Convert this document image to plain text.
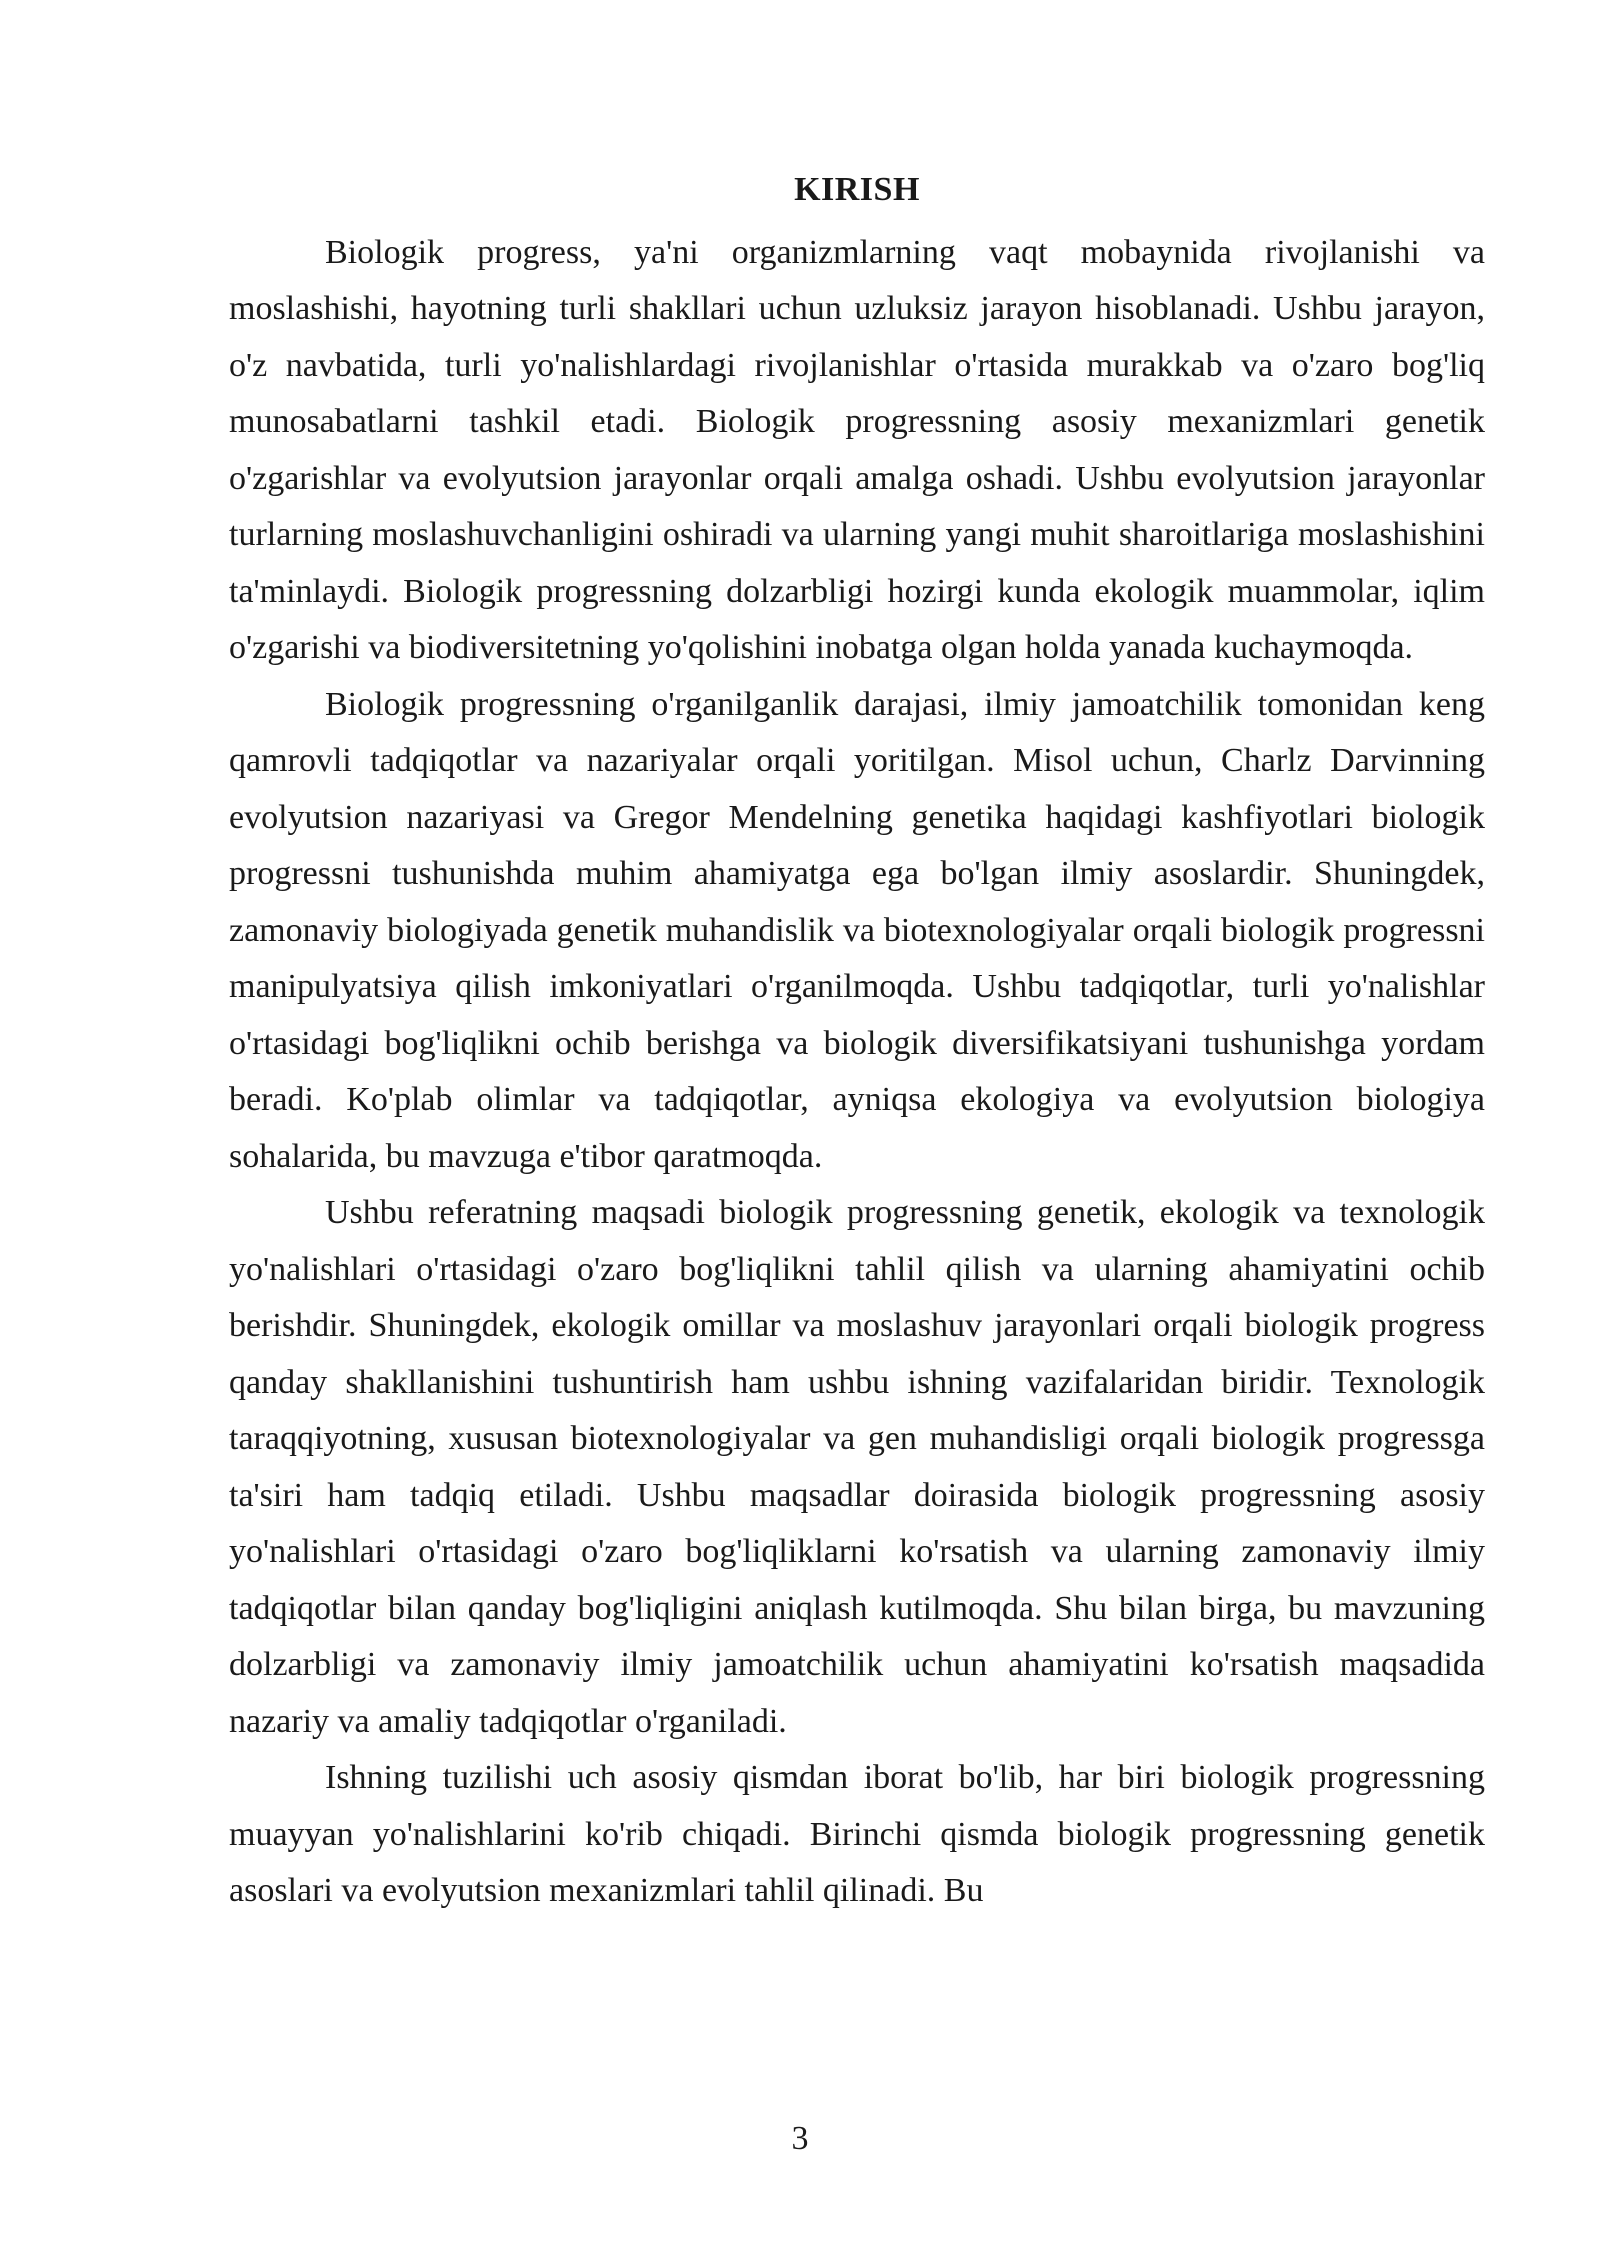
KIRISH

Biologik progress, ya'ni organizmlarning vaqt mobaynida rivojlanishi va moslashishi, hayotning turli shakllari uchun uzluksiz jarayon hisoblanadi. Ushbu jarayon, o'z navbatida, turli yo'nalishlardagi rivojlanishlar o'rtasida murakkab va o'zaro bog'liq munosabatlarni tashkil etadi. Biologik progressning asosiy mexanizmlari genetik o'zgarishlar va evolyutsion jarayonlar orqali amalga oshadi. Ushbu evolyutsion jarayonlar turlarning moslashuvchanligini oshiradi va ularning yangi muhit sharoitlariga moslashishini ta'minlaydi. Biologik progressning dolzarbligi hozirgi kunda ekologik muammolar, iqlim o'zgarishi va biodiversitetning yo'qolishini inobatga olgan holda yanada kuchaymoqda.

Biologik progressning o'rganilganlik darajasi, ilmiy jamoatchilik tomonidan keng qamrovli tadqiqotlar va nazariyalar orqali yoritilgan. Misol uchun, Charlz Darvinning evolyutsion nazariyasi va Gregor Mendelning genetika haqidagi kashfiyotlari biologik progressni tushunishda muhim ahamiyatga ega bo'lgan ilmiy asoslardir. Shuningdek, zamonaviy biologiyada genetik muhandislik va biotexnologiyalar orqali biologik progressni manipulyatsiya qilish imkoniyatlari o'rganilmoqda. Ushbu tadqiqotlar, turli yo'nalishlar o'rtasidagi bog'liqlikni ochib berishga va biologik diversifikatsiyani tushunishga yordam beradi. Ko'plab olimlar va tadqiqotlar, ayniqsa ekologiya va evolyutsion biologiya sohalarida, bu mavzuga e'tibor qaratmoqda.

Ushbu referatning maqsadi biologik progressning genetik, ekologik va texnologik yo'nalishlari o'rtasidagi o'zaro bog'liqlikni tahlil qilish va ularning ahamiyatini ochib berishdir. Shuningdek, ekologik omillar va moslashuv jarayonlari orqali biologik progress qanday shakllanishini tushuntirish ham ushbu ishning vazifalaridan biridir. Texnologik taraqqiyotning, xususan biotexnologiyalar va gen muhandisligi orqali biologik progressga ta'siri ham tadqiq etiladi. Ushbu maqsadlar doirasida biologik progressning asosiy yo'nalishlari o'rtasidagi o'zaro bog'liqliklarni ko'rsatish va ularning zamonaviy ilmiy tadqiqotlar bilan qanday bog'liqligini aniqlash kutilmoqda. Shu bilan birga, bu mavzuning dolzarbligi va zamonaviy ilmiy jamoatchilik uchun ahamiyatini ko'rsatish maqsadida nazariy va amaliy tadqiqotlar o'rganiladi.

Ishning tuzilishi uch asosiy qismdan iborat bo'lib, har biri biologik progressning muayyan yo'nalishlarini ko'rib chiqadi. Birinchi qismda biologik progressning genetik asoslari va evolyutsion mexanizmlari tahlil qilinadi. Bu

3
